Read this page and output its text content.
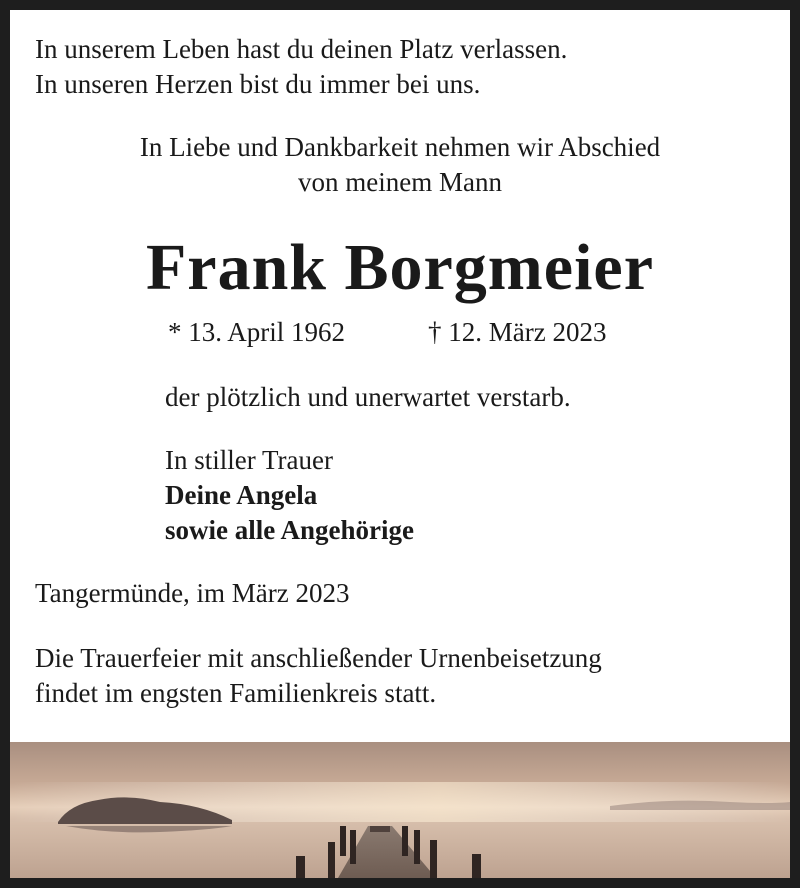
In unserem Leben hast du deinen Platz verlassen.
In unseren Herzen bist du immer bei uns.
In Liebe und Dankbarkeit nehmen wir Abschied
von meinem Mann
Frank Borgmeier
* 13. April 1962	† 12. März 2023
der plötzlich und unerwartet verstarb.
In stiller Trauer
Deine Angela
sowie alle Angehörige
Tangermünde, im März 2023
Die Trauerfeier mit anschließender Urnenbeisetzung
findet im engsten Familienkreis statt.
